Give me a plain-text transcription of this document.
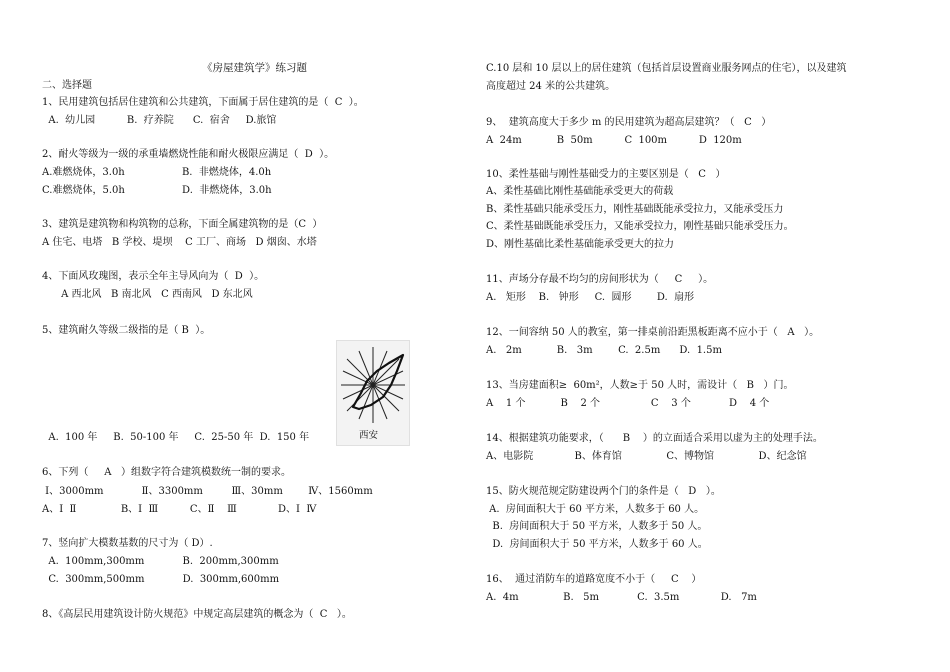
《房屋建筑学》练习题
二、选择题
1、民用建筑包括居住建筑和公共建筑，下面属于居住建筑的是（  C  ）。
A.  幼儿园          B.  疗养院      C.  宿舍     D.旅馆
2、耐火等级为一级的承重墙燃烧性能和耐火极限应满足（  D  ）。
A.难燃烧体，3.0h                  B.  非燃烧体，4.0h
C.难燃烧体，5.0h                  D.  非燃烧体，3.0h
3、建筑是建筑物和构筑物的总称，下面全属建筑物的是（C  ）
A 住宅、电塔   B 学校、堤坝    C 工厂、商场   D 烟囱、水塔
4、下面风玫瑰图，表示全年主导风向为（  D  ）。
A 西北风   B 南北风   C 西南风   D 东北风
5、建筑耐久等级二级指的是（ B  ）。
A.  100 年     B.  50-100 年     C.  25-50 年  D.  150 年
6、下列（     A   ）组数字符合建筑模数统一制的要求。
Ⅰ、3000mm            Ⅱ、3300mm         Ⅲ、30mm        Ⅳ、1560mm
A、Ⅰ  Ⅱ              B、Ⅰ  Ⅲ          C、Ⅱ    Ⅲ             D、Ⅰ  Ⅳ
7、竖向扩大模数基数的尺寸为（ D）.
A.  100mm,300mm            B.  200mm,300mm
C.  300mm,500mm            D.  300mm,600mm
8、《高层民用建筑设计防火规范》中规定高层建筑的概念为（  C   ）。
西安
C.10 层和 10 层以上的居住建筑（包括首层设置商业服务网点的住宅），以及建筑
高度超过 24 米的公共建筑。
9、  建筑高度大于多少 m 的民用建筑为超高层建筑？（   C   ）
A  24m           B  50m          C  100m          D  120m
10、柔性基础与刚性基础受力的主要区别是（   C   ）
A、柔性基础比刚性基础能承受更大的荷载
B、柔性基础只能承受压力，刚性基础既能承受拉力，又能承受压力
C、柔性基础既能承受压力，又能承受拉力，刚性基础只能承受压力。
D、刚性基础比柔性基础能承受更大的拉力
11、声场分存最不均匀的房间形状为（     C     ）。
A.   矩形    B.   钟形     C.  圆形        D.  扇形
12、一间容纳 50 人的教室，第一排桌前沿距黑板距离不应小于（   A   ）。
A.   2m           B.   3m        C.  2.5m      D.  1.5m
13、当房建面积≥  60m²，人数≥于 50 人时，需设计（   B   ）门。
A    1 个           B    2 个                C    3 个            D    4 个
14、根据建筑功能要求，（      B    ）的立面适合采用以虚为主的处理手法。
A、电影院             B、体育馆              C、博物馆              D、纪念馆
15、防火规范规定防建设两个门的条件是（   D   ）。
A.  房间面积大于 60 平方米，人数多于 60 人。
B.  房间面积大于 50 平方米，人数多于 50 人。
D.  房间面积大于 50 平方米，人数多于 60 人。
16、  通过消防车的道路宽度不小于（     C    ）
A.  4m              B.   5m            C.  3.5m             D.   7m
